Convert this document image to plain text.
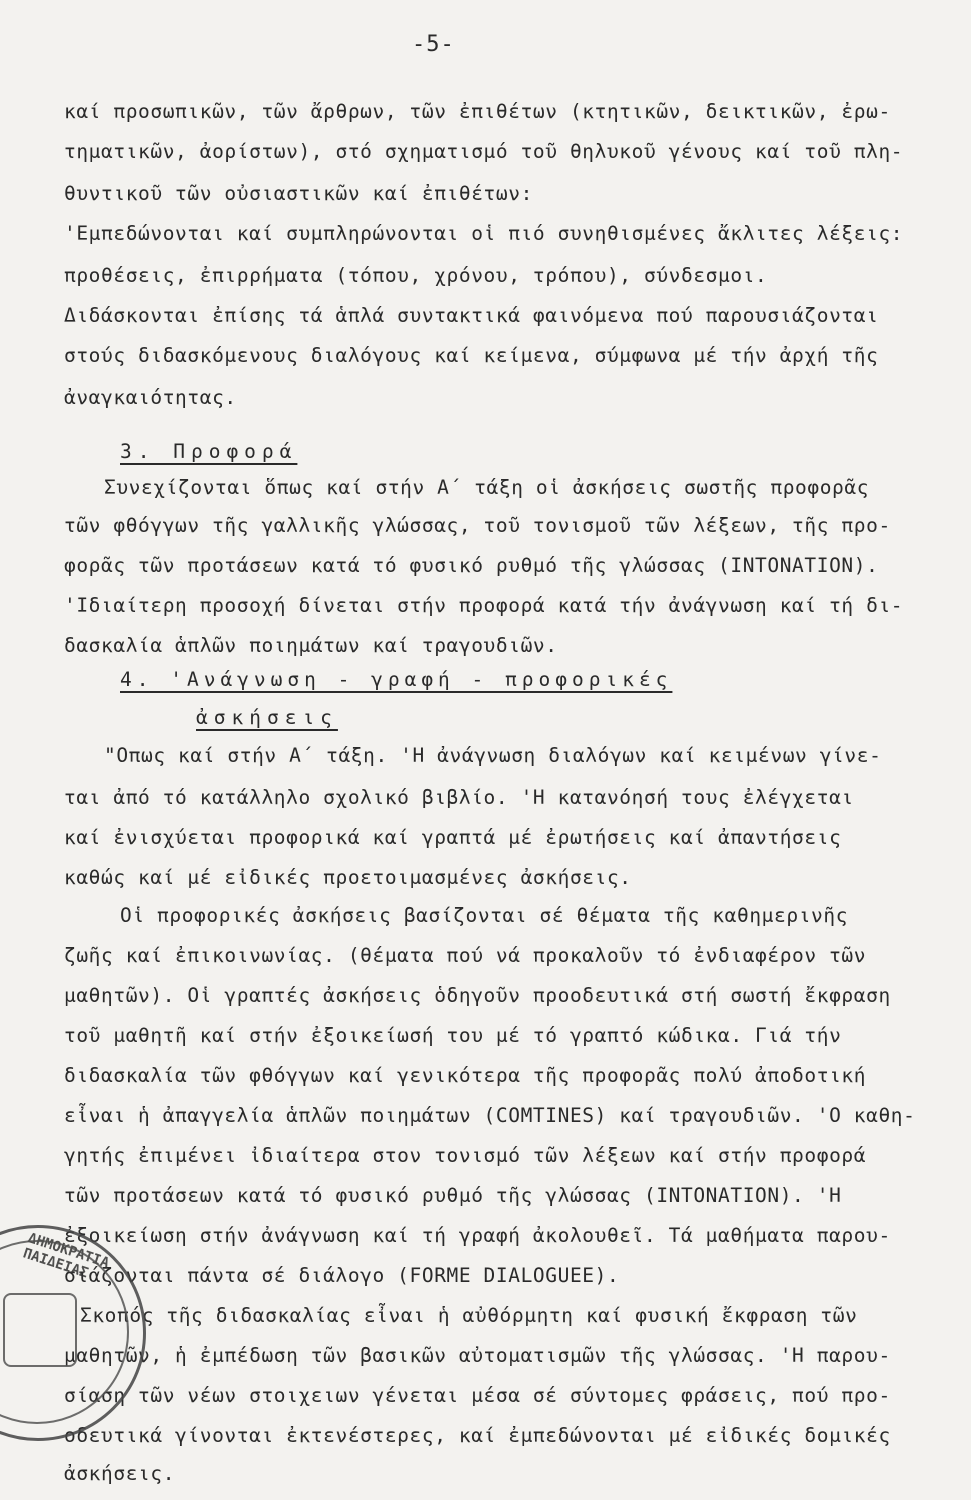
-5-
καί προσωπικῶν, τῶν ἄρθρων, τῶν ἐπιθέτων (κτητικῶν, δεικτικῶν, ἐρω-
τηματικῶν, ἀορίστων), στό σχηματισμό τοῦ θηλυκοῦ γένους καί τοῦ πλη-
θυντικοῦ τῶν οὐσιαστικῶν καί ἐπιθέτων:
'Εμπεδώνονται καί συμπληρώνονται οἱ πιό συνηθισμένες ἄκλιτες λέξεις:
προθέσεις, ἐπιρρήματα (τόπου, χρόνου, τρόπου), σύνδεσμοι.
Διδάσκονται ἐπίσης τά ἁπλά συντακτικά φαινόμενα πού παρουσιάζονται
στούς διδασκόμενους διαλόγους καί κείμενα, σύμφωνα μέ τήν ἀρχή τῆς
ἀναγκαιότητας.
3. Προφορά
Συνεχίζονται ὅπως καί στήν Α΄ τάξη οἱ ἀσκήσεις σωστῆς προφορᾶς
τῶν φθόγγων τῆς γαλλικῆς γλώσσας, τοῦ τονισμοῦ τῶν λέξεων, τῆς προ-
φορᾶς τῶν προτάσεων κατά τό φυσικό ρυθμό τῆς γλώσσας (INTONATION).
'Ιδιαίτερη προσοχή δίνεται στήν προφορά κατά τήν ἀνάγνωση καί τή δι-
δασκαλία ἁπλῶν ποιημάτων καί τραγουδιῶν.
4. 'Ανάγνωση - γραφή - προφορικές
ἀσκήσεις
"Οπως καί στήν Α΄ τάξη. 'Η ἀνάγνωση διαλόγων καί κειμένων γίνε-
ται ἀπό τό κατάλληλο σχολικό βιβλίο. 'Η κατανόησή τους ἐλέγχεται
καί ἐνισχύεται προφορικά καί γραπτά μέ ἐρωτήσεις καί ἀπαντήσεις
καθώς καί μέ εἰδικές προετοιμασμένες ἀσκήσεις.
Οἱ προφορικές ἀσκήσεις βασίζονται σέ θέματα τῆς καθημερινῆς
ζωῆς καί ἐπικοινωνίας. (θέματα πού νά προκαλοῦν τό ἐνδιαφέρον τῶν
μαθητῶν). Οἱ γραπτές ἀσκήσεις ὁδηγοῦν προοδευτικά στή σωστή ἔκφραση
τοῦ μαθητῆ καί στήν ἐξοικείωσή του μέ τό γραπτό κώδικα. Γιά τήν
διδασκαλία τῶν φθόγγων καί γενικότερα τῆς προφορᾶς πολύ ἀποδοτική
εἶναι ἡ ἀπαγγελία ἁπλῶν ποιημάτων (COMTINES) καί τραγουδιῶν. 'Ο καθη-
γητής ἐπιμένει ἰδιαίτερα στον τονισμό τῶν λέξεων καί στήν προφορά
τῶν προτάσεων κατά τό φυσικό ρυθμό τῆς γλώσσας (INTONATION). 'Η
ἐξοικείωση στήν ἀνάγνωση καί τή γραφή ἀκολουθεῖ. Τά μαθήματα παρου-
σιάζονται πάντα σέ διάλογο (FORME DIALOGUEE).
Σκοπός τῆς διδασκαλίας εἶναι ἡ αὐθόρμητη καί φυσική ἔκφραση τῶν
μαθητῶν, ἡ ἐμπέδωση τῶν βασικῶν αὐτοματισμῶν τῆς γλώσσας. 'Η παρου-
σίαση τῶν νέων στοιχειων γένεται μέσα σέ σύντομες φράσεις, πού προ-
οδευτικά γίνονται ἐκτενέστερες, καί ἐμπεδώνονται μέ εἰδικές δομικές
ἀσκήσεις.
ΔΗΜΟΚΡΑΤΙΑ ΠΑΙΔΕΙΑΣ
